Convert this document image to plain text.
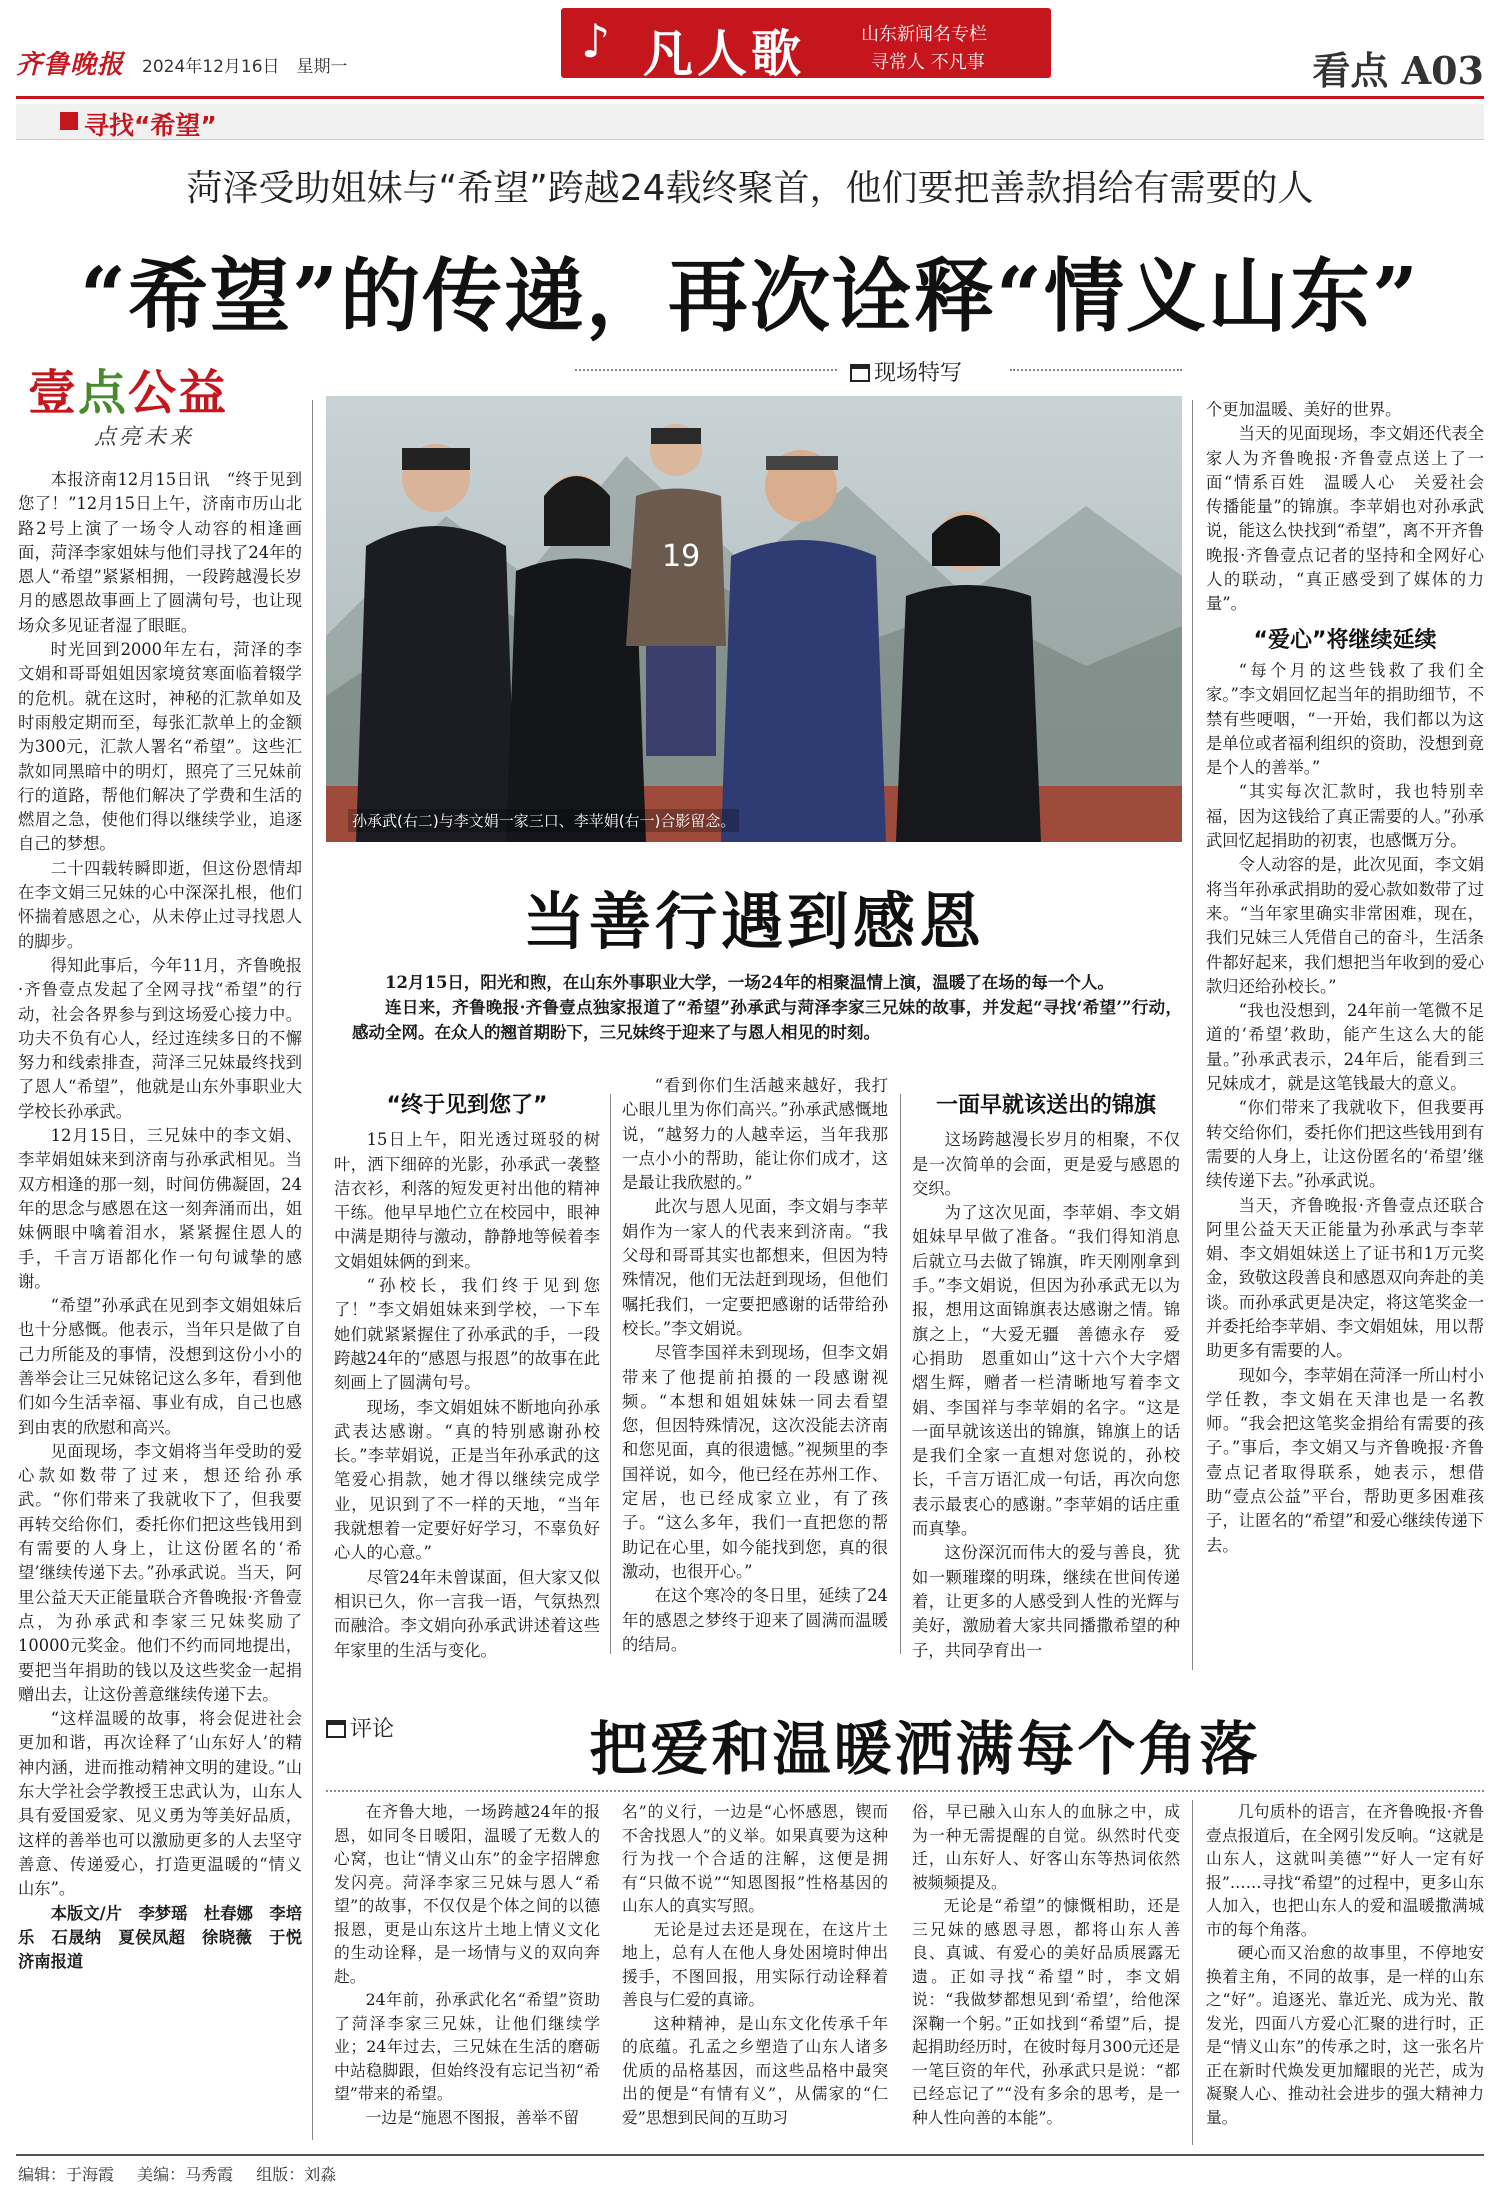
齐鲁晚报 2024年12月16日　星期一	♪ 凡人歌	山东新闻名专栏
寻常人 不凡事	看点 A03
寻找“希望”
菏泽受助姐妹与“希望”跨越24载终聚首，他们要把善款捐给有需要的人
“希望”的传递，再次诠释“情义山东”
壹点公益
点亮未来
现场特写

本报济南12月15日讯　“终于见到您了！”12月15日上午，济南市历山北路2号上演了一场令人动容的相逢画面，菏泽李家姐妹与他们寻找了24年的恩人“希望”紧紧相拥，一段跨越漫长岁月的感恩故事画上了圆满句号，也让现场众多见证者湿了眼眶。

时光回到2000年左右，菏泽的李文娟和哥哥姐姐因家境贫寒面临着辍学的危机。就在这时，神秘的汇款单如及时雨般定期而至，每张汇款单上的金额为300元，汇款人署名“希望”。这些汇款如同黑暗中的明灯，照亮了三兄妹前行的道路，帮他们解决了学费和生活的燃眉之急，使他们得以继续学业，追逐自己的梦想。

二十四载转瞬即逝，但这份恩情却在李文娟三兄妹的心中深深扎根，他们怀揣着感恩之心，从未停止过寻找恩人的脚步。

得知此事后，今年11月，齐鲁晚报·齐鲁壹点发起了全网寻找“希望”的行动，社会各界参与到这场爱心接力中。功夫不负有心人，经过连续多日的不懈努力和线索排查，菏泽三兄妹最终找到了恩人“希望”，他就是山东外事职业大学校长孙承武。

12月15日，三兄妹中的李文娟、李苹娟姐妹来到济南与孙承武相见。当双方相逢的那一刻，时间仿佛凝固，24年的思念与感恩在这一刻奔涌而出，姐妹俩眼中噙着泪水，紧紧握住恩人的手，千言万语都化作一句句诚挚的感谢。

“希望”孙承武在见到李文娟姐妹后也十分感慨。他表示，当年只是做了自己力所能及的事情，没想到这份小小的善举会让三兄妹铭记这么多年，看到他们如今生活幸福、事业有成，自己也感到由衷的欣慰和高兴。

见面现场，李文娟将当年受助的爱心款如数带了过来，想还给孙承武。“你们带来了我就收下了，但我要再转交给你们，委托你们把这些钱用到有需要的人身上，让这份匿名的‘希望’继续传递下去。”孙承武说。当天，阿里公益天天正能量联合齐鲁晚报·齐鲁壹点，为孙承武和李家三兄妹奖励了10000元奖金。他们不约而同地提出，要把当年捐助的钱以及这些奖金一起捐赠出去，让这份善意继续传递下去。

“这样温暖的故事，将会促进社会更加和谐，再次诠释了‘山东好人’的精神内涵，进而推动精神文明的建设。”山东大学社会学教授王忠武认为，山东人具有爱国爱家、见义勇为等美好品质，这样的善举也可以激励更多的人去坚守善意、传递爱心，打造更温暖的“情义山东”。

本版文/片　李梦瑶　杜春娜　李培乐　石晟纳　夏侯凤超　徐晓薇　于悦　济南报道

19
孙承武(右二)与李文娟一家三口、李苹娟(右一)合影留念。

个更加温暖、美好的世界。

当天的见面现场，李文娟还代表全家人为齐鲁晚报·齐鲁壹点送上了一面“情系百姓　温暖人心　关爱社会　传播能量”的锦旗。李苹娟也对孙承武说，能这么快找到“希望”，离不开齐鲁晚报·齐鲁壹点记者的坚持和全网好心人的联动，“真正感受到了媒体的力量”。

“爱心”将继续延续

“每个月的这些钱救了我们全家。”李文娟回忆起当年的捐助细节，不禁有些哽咽，“一开始，我们都以为这是单位或者福利组织的资助，没想到竟是个人的善举。”

“其实每次汇款时，我也特别幸福，因为这钱给了真正需要的人。”孙承武回忆起捐助的初衷，也感慨万分。

令人动容的是，此次见面，李文娟将当年孙承武捐助的爱心款如数带了过来。“当年家里确实非常困难，现在，我们兄妹三人凭借自己的奋斗，生活条件都好起来，我们想把当年收到的爱心款归还给孙校长。”

“我也没想到，24年前一笔微不足道的‘希望’救助，能产生这么大的能量。”孙承武表示，24年后，能看到三兄妹成才，就是这笔钱最大的意义。

“你们带来了我就收下，但我要再转交给你们，委托你们把这些钱用到有需要的人身上，让这份匿名的‘希望’继续传递下去。”孙承武说。

当天，齐鲁晚报·齐鲁壹点还联合阿里公益天天正能量为孙承武与李苹娟、李文娟姐妹送上了证书和1万元奖金，致敬这段善良和感恩双向奔赴的美谈。而孙承武更是决定，将这笔奖金一并委托给李苹娟、李文娟姐妹，用以帮助更多有需要的人。

现如今，李苹娟在菏泽一所山村小学任教，李文娟在天津也是一名教师。“我会把这笔奖金捐给有需要的孩子。”事后，李文娟又与齐鲁晚报·齐鲁壹点记者取得联系，她表示，想借助“壹点公益”平台，帮助更多困难孩子，让匿名的“希望”和爱心继续传递下去。

当善行遇到感恩

12月15日，阳光和煦，在山东外事职业大学，一场24年的相聚温情上演，温暖了在场的每一个人。

连日来，齐鲁晚报·齐鲁壹点独家报道了“希望”孙承武与菏泽李家三兄妹的故事，并发起“寻找‘希望’”行动，感动全网。在众人的翘首期盼下，三兄妹终于迎来了与恩人相见的时刻。

“终于见到您了”

15日上午，阳光透过斑驳的树叶，洒下细碎的光影，孙承武一袭整洁衣衫，利落的短发更衬出他的精神干练。他早早地伫立在校园中，眼神中满是期待与激动，静静地等候着李文娟姐妹俩的到来。

“孙校长，我们终于见到您了！”李文娟姐妹来到学校，一下车她们就紧紧握住了孙承武的手，一段跨越24年的“感恩与报恩”的故事在此刻画上了圆满句号。

现场，李文娟姐妹不断地向孙承武表达感谢。“真的特别感谢孙校长。”李苹娟说，正是当年孙承武的这笔爱心捐款，她才得以继续完成学业，见识到了不一样的天地，“当年我就想着一定要好好学习，不辜负好心人的心意。”

尽管24年未曾谋面，但大家又似相识已久，你一言我一语，气氛热烈而融洽。李文娟向孙承武讲述着这些年家里的生活与变化。

“看到你们生活越来越好，我打心眼儿里为你们高兴。”孙承武感慨地说，“越努力的人越幸运，当年我那一点小小的帮助，能让你们成才，这是最让我欣慰的。”

此次与恩人见面，李文娟与李苹娟作为一家人的代表来到济南。“我父母和哥哥其实也都想来，但因为特殊情况，他们无法赶到现场，但他们嘱托我们，一定要把感谢的话带给孙校长。”李文娟说。

尽管李国祥未到现场，但李文娟带来了他提前拍摄的一段感谢视频。“本想和姐姐妹妹一同去看望您，但因特殊情况，这次没能去济南和您见面，真的很遗憾。”视频里的李国祥说，如今，他已经在苏州工作、定居，也已经成家立业，有了孩子。“这么多年，我们一直把您的帮助记在心里，如今能找到您，真的很激动，也很开心。”

在这个寒冷的冬日里，延续了24年的感恩之梦终于迎来了圆满而温暖的结局。

一面早就该送出的锦旗

这场跨越漫长岁月的相聚，不仅是一次简单的会面，更是爱与感恩的交织。

为了这次见面，李苹娟、李文娟姐妹早早做了准备。“我们得知消息后就立马去做了锦旗，昨天刚刚拿到手。”李文娟说，但因为孙承武无以为报，想用这面锦旗表达感谢之情。锦旗之上，“大爱无疆　善德永存　爱心捐助　恩重如山”这十六个大字熠熠生辉，赠者一栏清晰地写着李文娟、李国祥与李苹娟的名字。“这是一面早就该送出的锦旗，锦旗上的话是我们全家一直想对您说的，孙校长，千言万语汇成一句话，再次向您表示最衷心的感谢。”李苹娟的话庄重而真挚。

这份深沉而伟大的爱与善良，犹如一颗璀璨的明珠，继续在世间传递着，让更多的人感受到人性的光辉与美好，激励着大家共同播撒希望的种子，共同孕育出一

评论	把爱和温暖洒满每个角落

在齐鲁大地，一场跨越24年的报恩，如同冬日暖阳，温暖了无数人的心窝，也让“情义山东”的金字招牌愈发闪亮。菏泽李家三兄妹与恩人“希望”的故事，不仅仅是个体之间的以德报恩，更是山东这片土地上情义文化的生动诠释，是一场情与义的双向奔赴。

24年前，孙承武化名“希望”资助了菏泽李家三兄妹，让他们继续学业；24年过去，三兄妹在生活的磨砺中站稳脚跟，但始终没有忘记当初“希望”带来的希望。

一边是“施恩不图报，善举不留

名”的义行，一边是“心怀感恩，锲而不舍找恩人”的义举。如果真要为这种行为找一个合适的注解，这便是拥有“只做不说”“知恩图报”性格基因的山东人的真实写照。

无论是过去还是现在，在这片土地上，总有人在他人身处困境时伸出援手，不图回报，用实际行动诠释着善良与仁爱的真谛。

这种精神，是山东文化传承千年的底蕴。孔孟之乡塑造了山东人诸多优质的品格基因，而这些品格中最突出的便是“有情有义”，从儒家的“仁爱”思想到民间的互助习

俗，早已融入山东人的血脉之中，成为一种无需提醒的自觉。纵然时代变迁，山东好人、好客山东等热词依然被频频提及。

无论是“希望”的慷慨相助，还是三兄妹的感恩寻恩，都将山东人善良、真诚、有爱心的美好品质展露无遗。正如寻找“希望”时，李文娟说：“我做梦都想见到‘希望’，给他深深鞠一个躬。”正如找到“希望”后，提起捐助经历时，在彼时每月300元还是一笔巨资的年代，孙承武只是说：“都已经忘记了”“没有多余的思考，是一种人性向善的本能”。

几句质朴的语言，在齐鲁晚报·齐鲁壹点报道后，在全网引发反响。“这就是山东人，这就叫美德”“好人一定有好报”……寻找“希望”的过程中，更多山东人加入，也把山东人的爱和温暖撒满城市的每个角落。

硬心而又治愈的故事里，不停地安换着主角，不同的故事，是一样的山东之“好”。追逐光、靠近光、成为光、散发光，四面八方爱心汇聚的进行时，正是“情义山东”的传承之时，这一张名片正在新时代焕发更加耀眼的光芒，成为凝聚人心、推动社会进步的强大精神力量。

编辑：于海霞 美编：马秀霞 组版：刘淼
